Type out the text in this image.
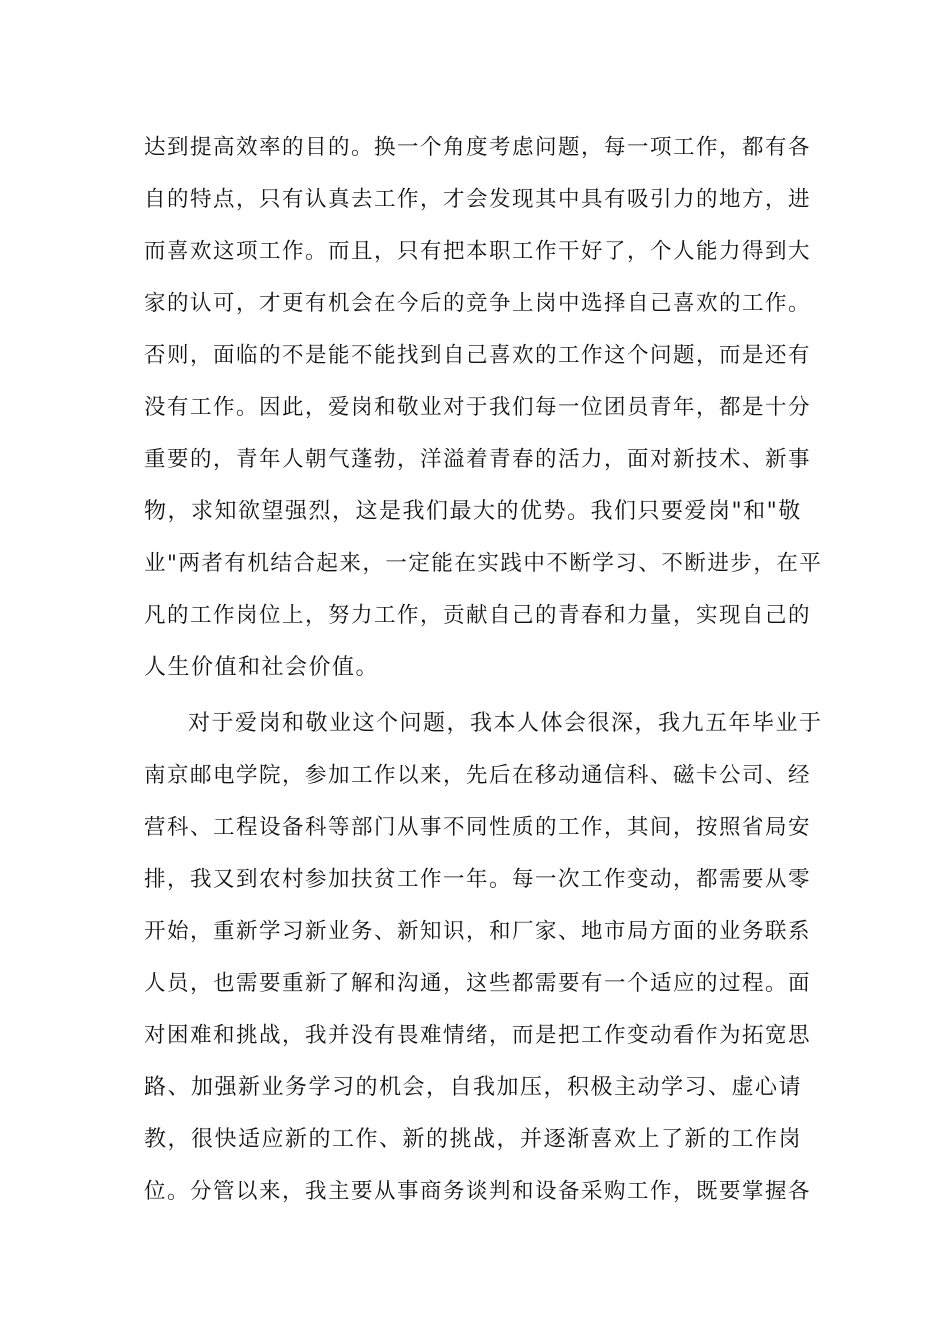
达到提高效率的目的。换一个角度考虑问题，每一项工作，都有各
自的特点，只有认真去工作，才会发现其中具有吸引力的地方，进
而喜欢这项工作。而且，只有把本职工作干好了，个人能力得到大
家的认可，才更有机会在今后的竞争上岗中选择自己喜欢的工作。
否则，面临的不是能不能找到自己喜欢的工作这个问题，而是还有
没有工作。因此，爱岗和敬业对于我们每一位团员青年，都是十分
重要的，青年人朝气蓬勃，洋溢着青春的活力，面对新技术、新事
物，求知欲望强烈，这是我们最大的优势。我们只要爱岗"和"敬
业"两者有机结合起来，一定能在实践中不断学习、不断进步，在平
凡的工作岗位上，努力工作，贡献自己的青春和力量，实现自己的
人生价值和社会价值。
对于爱岗和敬业这个问题，我本人体会很深，我九五年毕业于
南京邮电学院，参加工作以来，先后在移动通信科、磁卡公司、经
营科、工程设备科等部门从事不同性质的工作，其间，按照省局安
排，我又到农村参加扶贫工作一年。每一次工作变动，都需要从零
开始，重新学习新业务、新知识，和厂家、地市局方面的业务联系
人员，也需要重新了解和沟通，这些都需要有一个适应的过程。面
对困难和挑战，我并没有畏难情绪，而是把工作变动看作为拓宽思
路、加强新业务学习的机会，自我加压，积极主动学习、虚心请
教，很快适应新的工作、新的挑战，并逐渐喜欢上了新的工作岗
位。分管以来，我主要从事商务谈判和设备采购工作，既要掌握各
